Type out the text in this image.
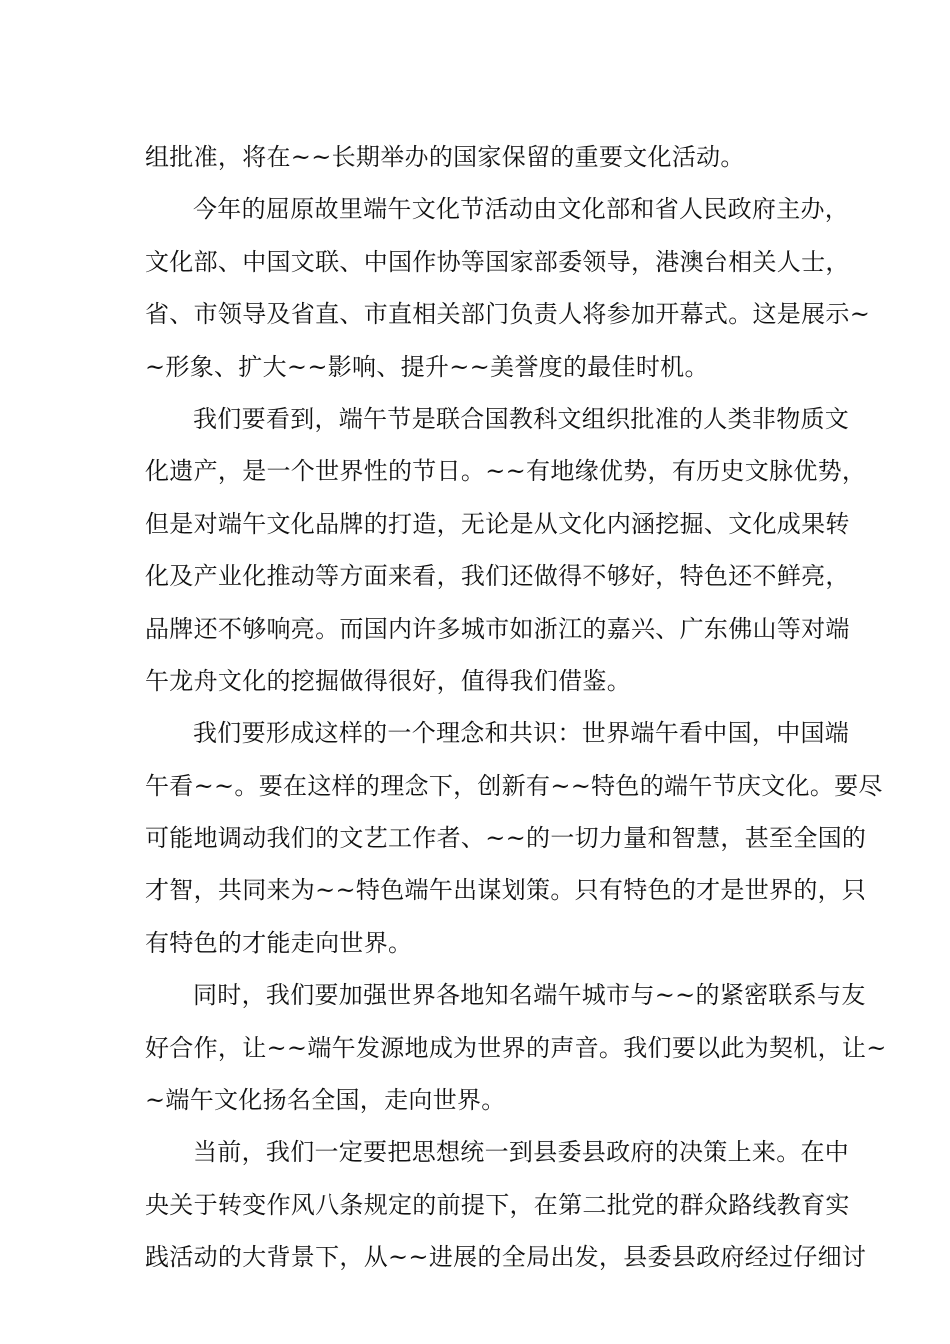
组批准，将在~~长期举办的国家保留的重要文化活动。
今年的屈原故里端午文化节活动由文化部和省人民政府主办，
文化部、中国文联、中国作协等国家部委领导，港澳台相关人士，
省、市领导及省直、市直相关部门负责人将参加开幕式。这是展示~
~形象、扩大~~影响、提升~~美誉度的最佳时机。
我们要看到，端午节是联合国教科文组织批准的人类非物质文
化遗产，是一个世界性的节日。~~有地缘优势，有历史文脉优势，
但是对端午文化品牌的打造，无论是从文化内涵挖掘、文化成果转
化及产业化推动等方面来看，我们还做得不够好，特色还不鲜亮，
品牌还不够响亮。而国内许多城市如浙江的嘉兴、广东佛山等对端
午龙舟文化的挖掘做得很好，值得我们借鉴。
我们要形成这样的一个理念和共识：世界端午看中国，中国端
午看~~。要在这样的理念下，创新有~~特色的端午节庆文化。要尽
可能地调动我们的文艺工作者、~~的一切力量和智慧，甚至全国的
才智，共同来为~~特色端午出谋划策。只有特色的才是世界的，只
有特色的才能走向世界。
同时，我们要加强世界各地知名端午城市与~~的紧密联系与友
好合作，让~~端午发源地成为世界的声音。我们要以此为契机，让~
~端午文化扬名全国，走向世界。
当前，我们一定要把思想统一到县委县政府的决策上来。在中
央关于转变作风八条规定的前提下，在第二批党的群众路线教育实
践活动的大背景下，从~~进展的全局出发，县委县政府经过仔细讨
